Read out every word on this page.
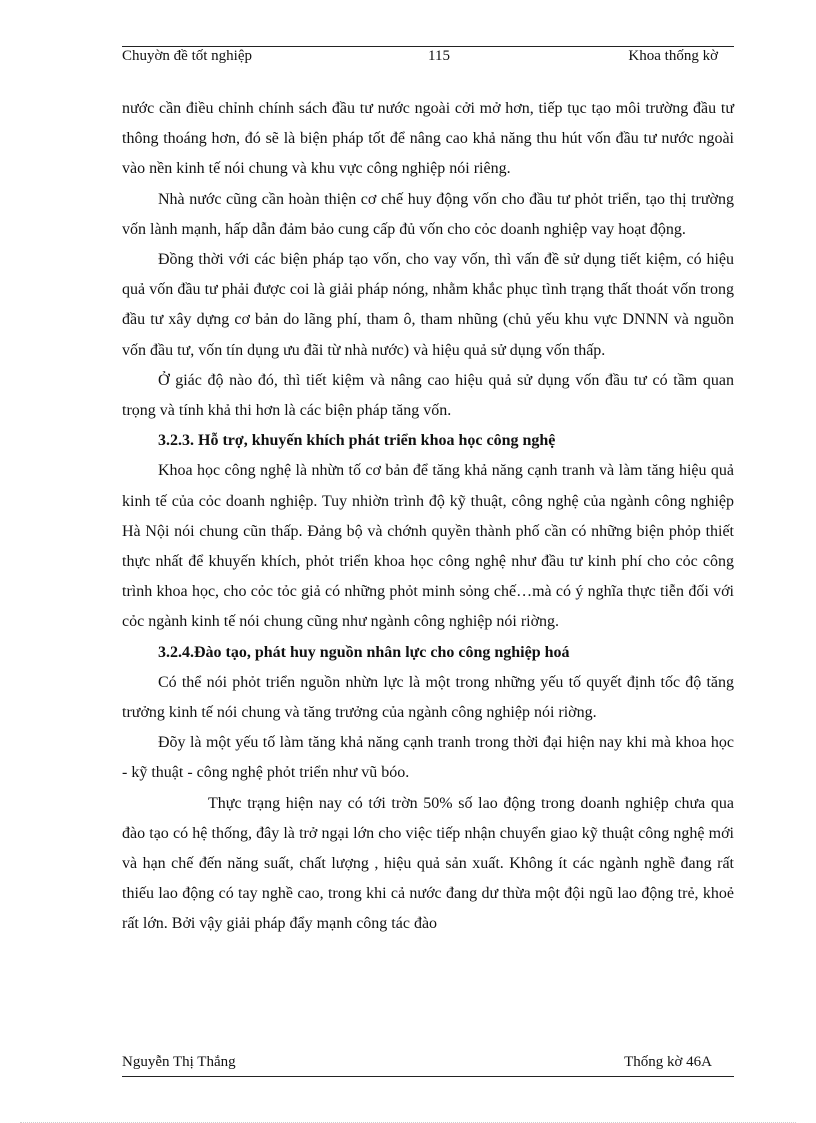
Chuyờn đề tốt nghiệp	115	Khoa thống kờ

nước cần điều chỉnh chính sách đầu tư nước ngoài cởi mở hơn, tiếp tục tạo môi trường đầu tư thông thoáng hơn, đó sẽ là biện pháp tốt để nâng cao khả năng thu hút vốn đầu tư nước ngoài vào nền kinh tế nói chung và khu vực công nghiệp nói riêng.

Nhà nước cũng cần hoàn thiện cơ chế huy động vốn cho đầu tư phỏt triển, tạo thị trường vốn lành mạnh, hấp dẫn đảm bảo cung cấp đủ vốn cho cỏc doanh nghiệp vay hoạt động.

Đồng thời với các biện pháp tạo vốn, cho vay vốn, thì vấn đề sử dụng tiết kiệm, có hiệu quả vốn đầu tư phải được coi là giải pháp nóng, nhằm khắc phục tình trạng thất thoát vốn trong đầu tư xây dựng cơ bản do lãng phí, tham ô, tham nhũng (chủ yếu khu vực DNNN và nguồn vốn đầu tư, vốn tín dụng ưu đãi từ nhà nước) và hiệu quả sử dụng vốn thấp.

Ở giác độ nào đó, thì tiết kiệm và nâng cao hiệu quả sử dụng vốn đầu tư có tầm quan trọng và tính khả thi hơn là các biện pháp tăng vốn.

3.2.3. Hỗ trợ, khuyến khích phát triển khoa học công nghệ

Khoa học công nghệ là nhừn tố cơ bản để tăng khả năng cạnh tranh và làm tăng hiệu quả kinh tế của cỏc doanh nghiệp. Tuy nhiờn trình độ kỹ thuật, công nghệ của ngành công nghiệp Hà Nội nói chung cũn thấp. Đảng bộ và chớnh quyền thành phố cần có những biện phỏp thiết thực nhất để khuyến khích, phỏt triển khoa học công nghệ như đầu tư kinh phí cho cỏc công trình khoa học, cho cỏc tỏc giả có những phỏt minh sỏng chế…mà có ý nghĩa thực tiễn đối với cỏc ngành kinh tế nói chung cũng như ngành công nghiệp nói riờng.

3.2.4.Đào tạo, phát huy nguồn nhân lực cho công nghiệp hoá

Có thể nói phỏt triển nguồn nhừn lực là một trong những yếu tố quyết định tốc độ tăng trưởng kinh tế nói chung và tăng trưởng của ngành công nghiệp nói riờng.

Đõy là một yếu tố làm tăng khả năng cạnh tranh trong thời đại hiện nay khi mà khoa học - kỹ thuật - công nghệ phỏt triển như vũ bóo.

Thực trạng hiện nay có tới trờn 50% số lao động trong doanh nghiệp chưa qua đào tạo có hệ thống, đây là trở ngại lớn cho việc tiếp nhận chuyển giao kỹ thuật công nghệ mới và hạn chế đến năng suất, chất lượng , hiệu quả sản xuất. Không ít các ngành nghề đang rất thiếu lao động có tay nghề cao, trong khi cả nước đang dư thừa một đội ngũ lao động trẻ, khoẻ rất lớn. Bởi vậy giải pháp đẩy mạnh công tác đào

Nguyễn Thị Thắng	Thống kờ 46A
